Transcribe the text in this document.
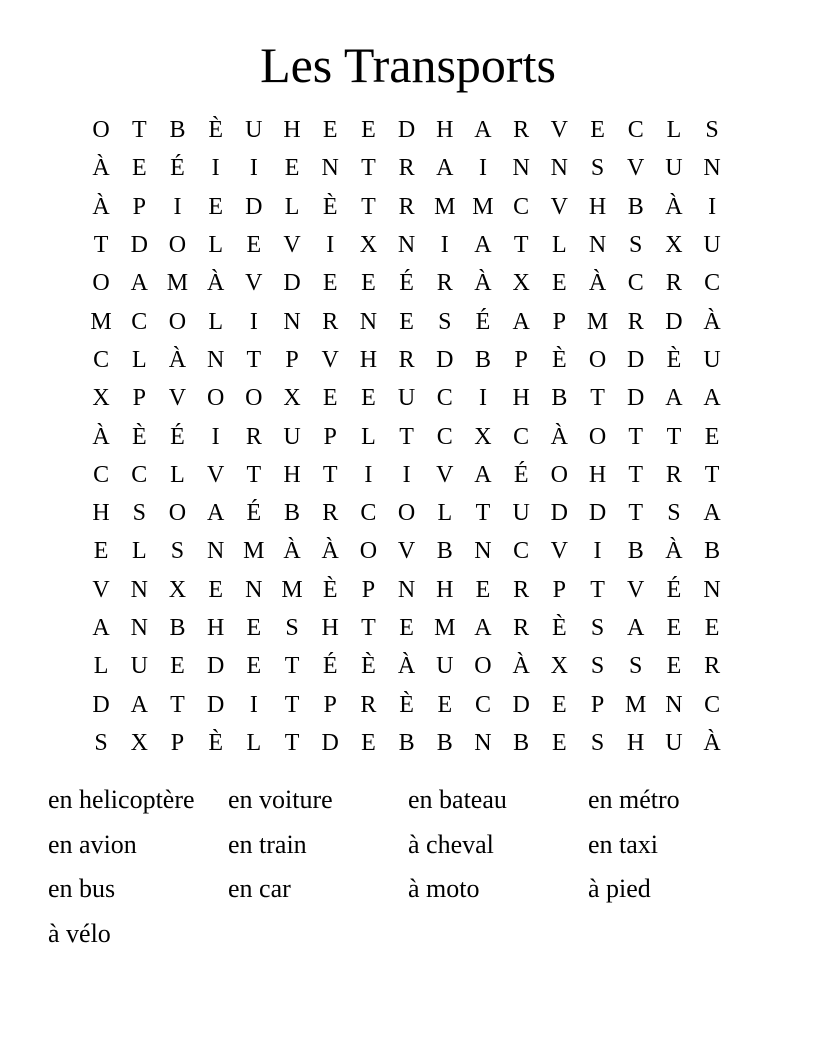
Les Transports
O T B È U H E E D H A R V E C L	S
À E É	I	I	E N T R A	I	N N S V U N
À P	I	E D L È T R M M C V H B À	I
T D O L E V	I	X N	I	A T L N S X U
O A M À V D E E É R À X E À C R C
M C O L	I	N R N E	S	É A P M R D À
C L À N T	P V H R D B P	È O D È U
X P V O O X E E U C	I	H B T D A A
À È É	I	R U P	L T C X C À O T T E
C C L V T H T	I	I	V A É O H T R T
H S O A É B R C O L T U D D T	S A
E L	S N M À À O V B N C V	I	B À B
V N X E N M È	P N H E R P	T V É N
A N B H E	S H T E M A R È	S A E E
L U E D E T É È À U O À X S	S	E R
D A T D	I	T	P R È E C D E	P M N C
S X P	È L T D E B B N B E	S H U À
en helicoptère	en voiture	en bateau	en métro
en avion	en train	à cheval	en taxi
en bus	en car	à moto	à pied
à vélo
